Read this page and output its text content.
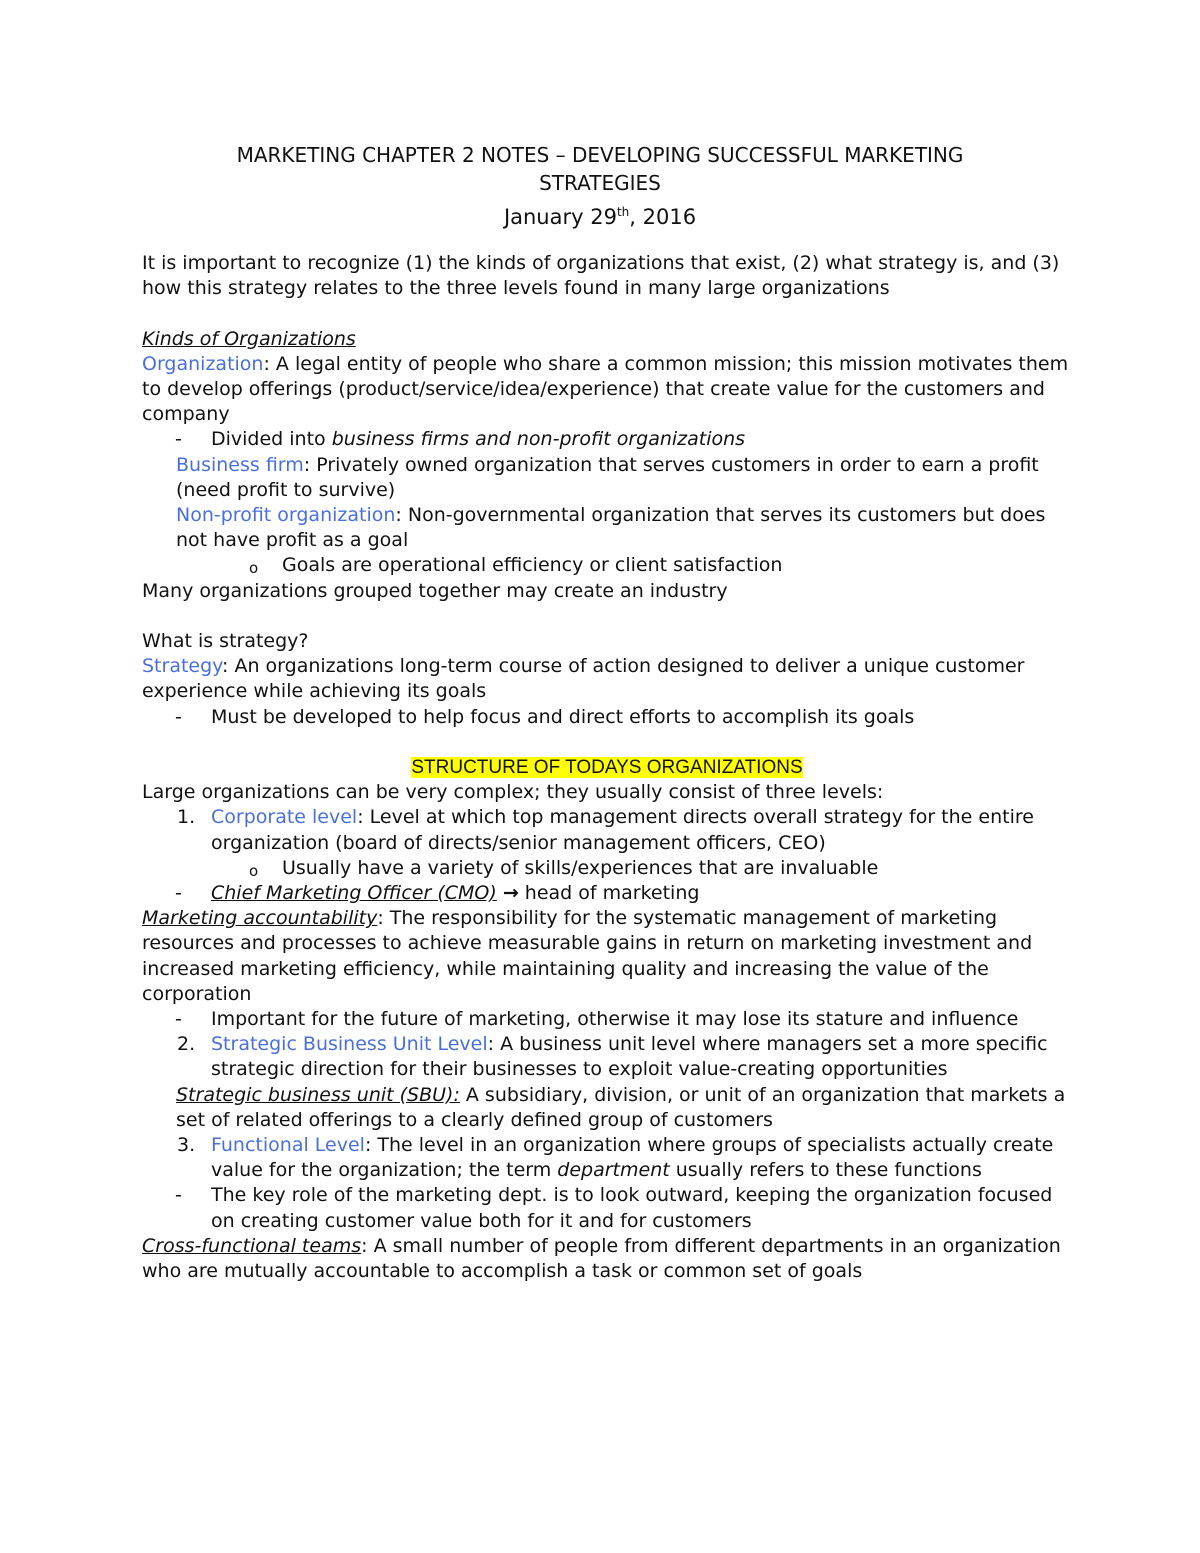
MARKETING CHAPTER 2 NOTES – DEVELOPING SUCCESSFUL MARKETING
STRATEGIES
January 29th, 2016

It is important to recognize (1) the kinds of organizations that exist, (2) what strategy is, and (3) how this strategy relates to the three levels found in many large organizations

Kinds of Organizations

Organization: A legal entity of people who share a common mission; this mission motivates them to develop offerings (product/service/idea/experience) that create value for the customers and company

- Divided into business firms and non-profit organizations

Business firm: Privately owned organization that serves customers in order to earn a profit (need profit to survive)

Non-profit organization: Non-governmental organization that serves its customers but does not have profit as a goal

o Goals are operational efficiency or client satisfaction

Many organizations grouped together may create an industry

What is strategy?

Strategy: An organizations long-term course of action designed to deliver a unique customer experience while achieving its goals

- Must be developed to help focus and direct efforts to accomplish its goals

STRUCTURE OF TODAYS ORGANIZATIONS

Large organizations can be very complex; they usually consist of three levels:

1. Corporate level: Level at which top management directs overall strategy for the entire organization (board of directs/senior management officers, CEO)

o Usually have a variety of skills/experiences that are invaluable

- Chief Marketing Officer (CMO) → head of marketing

Marketing accountability: The responsibility for the systematic management of marketing resources and processes to achieve measurable gains in return on marketing investment and increased marketing efficiency, while maintaining quality and increasing the value of the corporation

- Important for the future of marketing, otherwise it may lose its stature and influence

2. Strategic Business Unit Level: A business unit level where managers set a more specific strategic direction for their businesses to exploit value-creating opportunities

Strategic business unit (SBU): A subsidiary, division, or unit of an organization that markets a set of related offerings to a clearly defined group of customers

3. Functional Level: The level in an organization where groups of specialists actually create value for the organization; the term department usually refers to these functions

- The key role of the marketing dept. is to look outward, keeping the organization focused on creating customer value both for it and for customers

Cross-functional teams: A small number of people from different departments in an organization who are mutually accountable to accomplish a task or common set of goals
